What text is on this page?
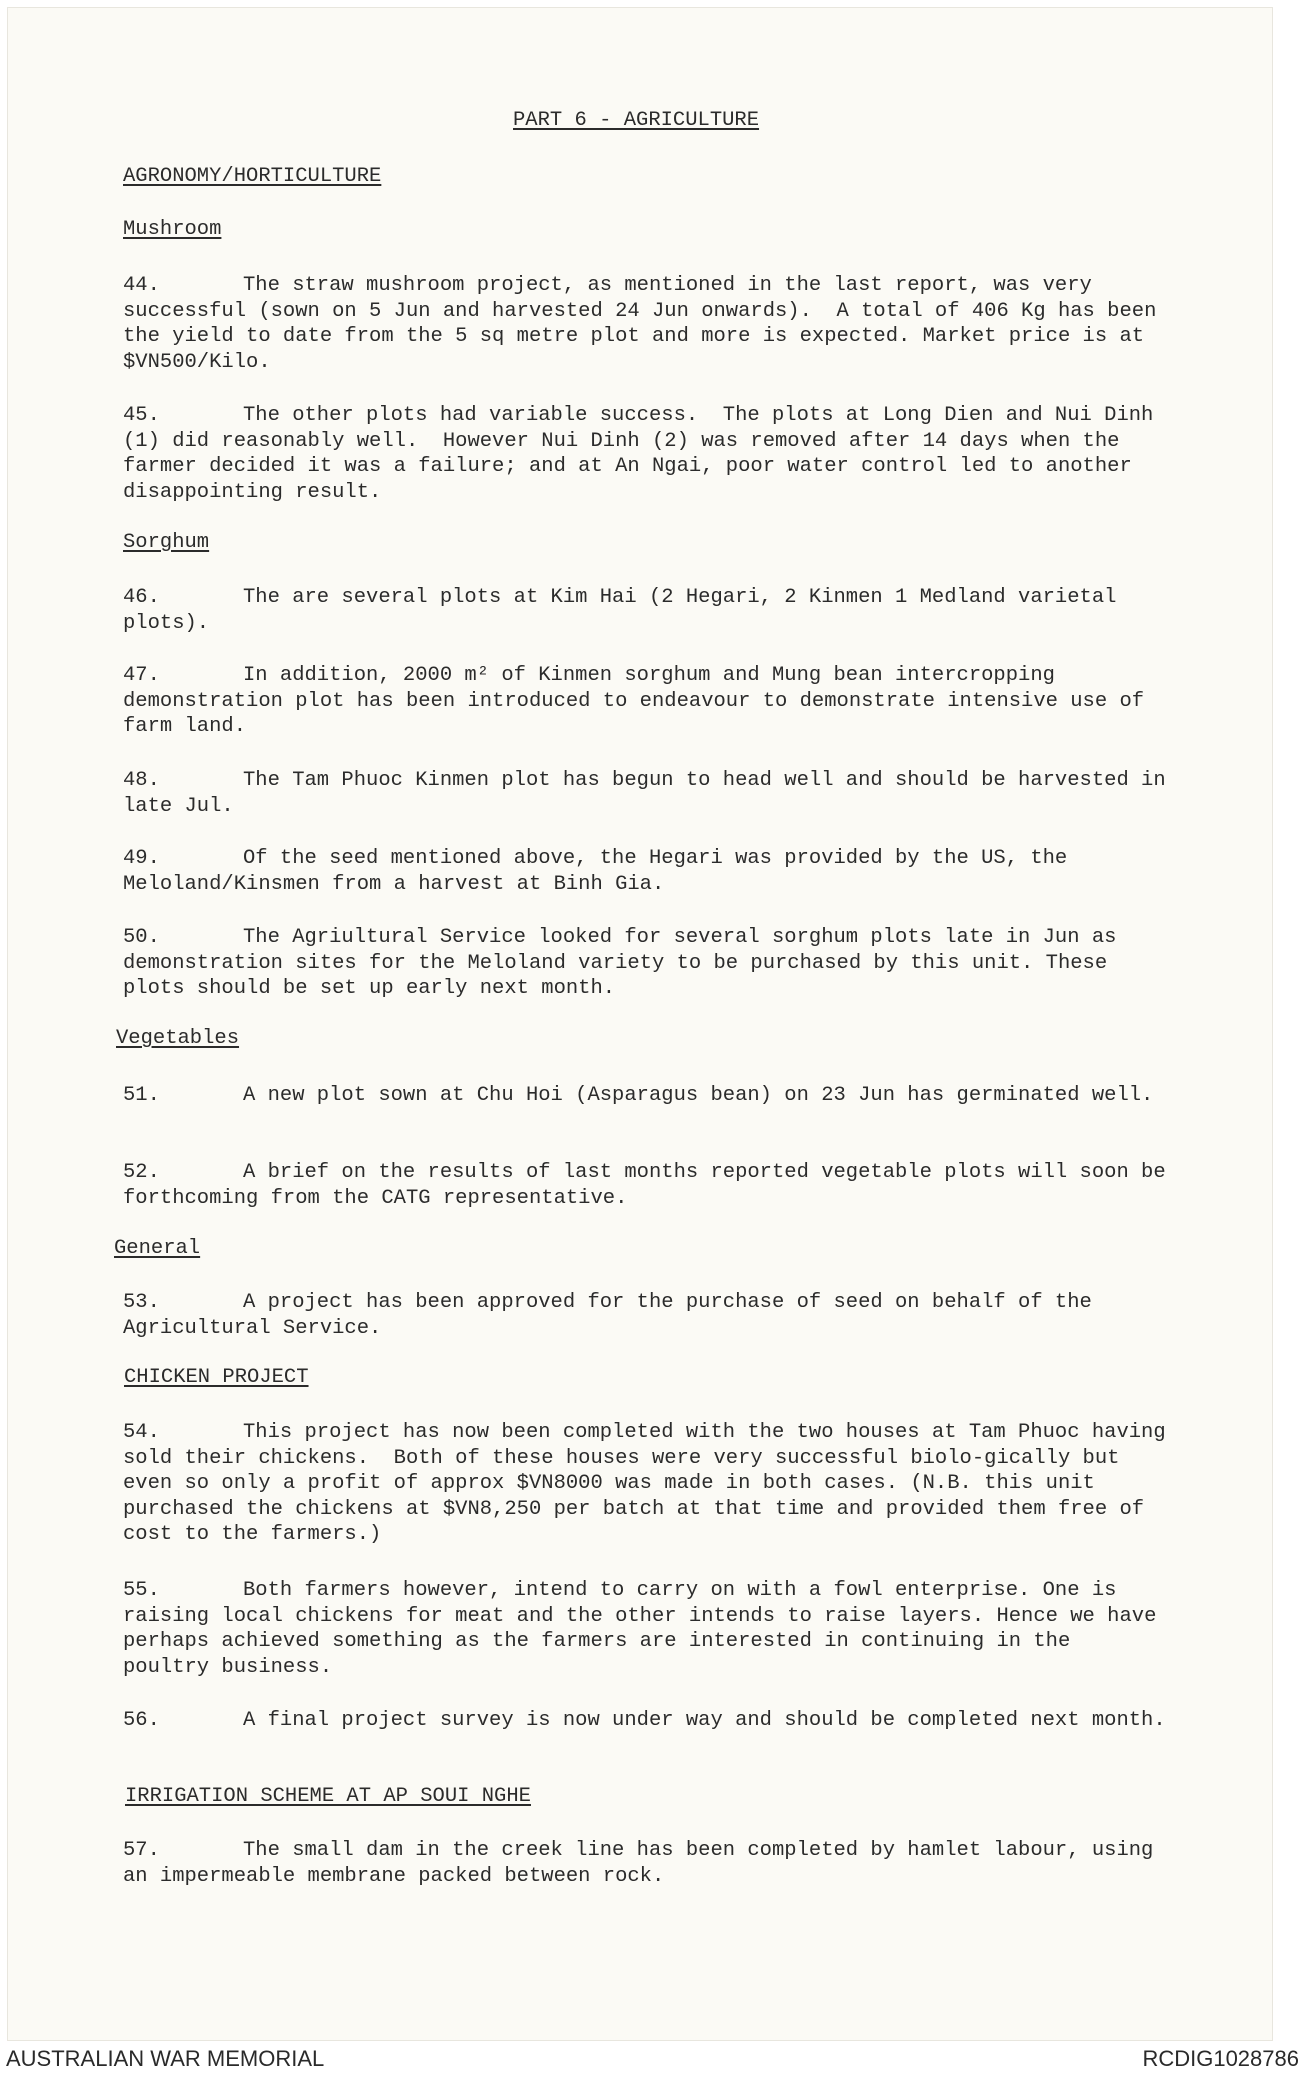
PART 6 - AGRICULTURE
AGRONOMY/HORTICULTURE
Mushroom
44.	The straw mushroom project, as mentioned in the last report, was very successful (sown on 5 Jun and harvested 24 Jun onwards).  A total of 406 Kg has been the yield to date from the 5 sq metre plot and more is expected. Market price is at $VN500/Kilo.
45.	The other plots had variable success.  The plots at Long Dien and Nui Dinh (1) did reasonably well.  However Nui Dinh (2) was removed after 14 days when the farmer decided it was a failure; and at An Ngai, poor water control led to another disappointing result.
Sorghum
46.	The are several plots at Kim Hai (2 Hegari, 2 Kinmen 1 Medland varietal plots).
47.	In addition, 2000 m² of Kinmen sorghum and Mung bean intercropping demonstration plot has been introduced to endeavour to demonstrate intensive use of farm land.
48.	The Tam Phuoc Kinmen plot has begun to head well and should be harvested in late Jul.
49.	Of the seed mentioned above, the Hegari was provided by the US, the Meloland/Kinsmen from a harvest at Binh Gia.
50.	The Agriultural Service looked for several sorghum plots late in Jun as demonstration sites for the Meloland variety to be purchased by this unit. These plots should be set up early next month.
Vegetables
51.	A new plot sown at Chu Hoi (Asparagus bean) on 23 Jun has germinated well.
52.	A brief on the results of last months reported vegetable plots will soon be forthcoming from the CATG representative.
General
53.	A project has been approved for the purchase of seed on behalf of the Agricultural Service.
CHICKEN PROJECT
54.	This project has now been completed with the two houses at Tam Phuoc having sold their chickens.  Both of these houses were very successful biolo-gically but even so only a profit of approx $VN8000 was made in both cases. (N.B. this unit purchased the chickens at $VN8,250 per batch at that time and provided them free of cost to the farmers.)
55.	Both farmers however, intend to carry on with a fowl enterprise. One is raising local chickens for meat and the other intends to raise layers. Hence we have perhaps achieved something as the farmers are interested in continuing in the poultry business.
56.	A final project survey is now under way and should be completed next month.
IRRIGATION SCHEME AT AP SOUI NGHE
57.	The small dam in the creek line has been completed by hamlet labour, using an impermeable membrane packed between rock.
AUSTRALIAN WAR MEMORIAL	RCDIG1028786
